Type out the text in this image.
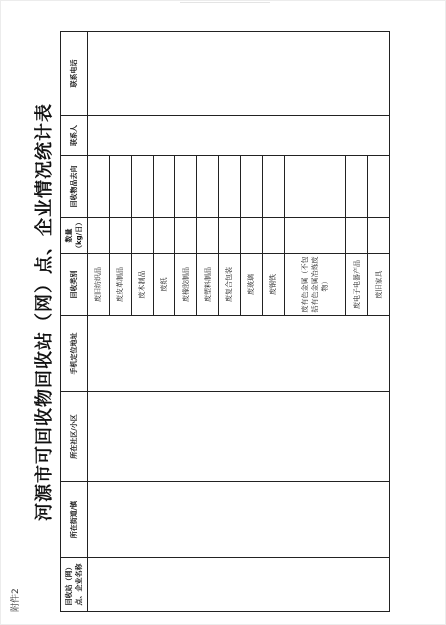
附件2
河源市可回收物回收站（网）点、企业情况统计表
回收站（网）点、企业名称	所在街道/镇	所在社区/小区	手机定位地址	回收类别	数量（kg/日）	回收物品去向	联系人	联系电话
				废旧纺织品				
				废皮革制品				
				废木制品				
				废纸				
				废橡胶制品				
				废塑料制品				
				废复合包装				
				废玻璃				
				废钢铁				
				废有色金属（不包括有色金属冶炼废物）				
				废电子电器产品				
				废旧家具				
